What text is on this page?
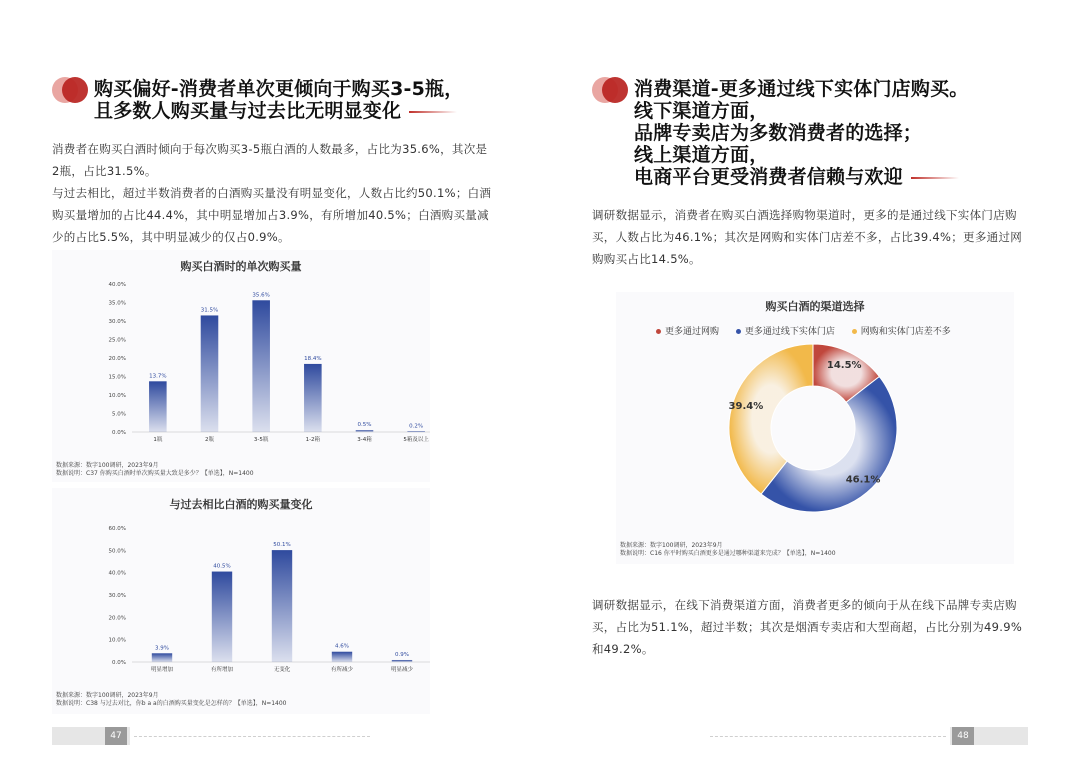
购买偏好-消费者单次更倾向于购买3-5瓶，
且多数人购买量与过去比无明显变化

消费者在购买白酒时倾向于每次购买3-5瓶白酒的人数最多，占比为35.6%，其次是2瓶，占比31.5%。

与过去相比，超过半数消费者的白酒购买量没有明显变化，人数占比约50.1%；白酒购买量增加的占比44.4%，其中明显增加占3.9%，有所增加40.5%；白酒购买量减少的占比5.5%，其中明显减少的仅占0.9%。

购买白酒时的单次购买量
0.0%
5.0%
10.0%
15.0%
20.0%
25.0%
30.0%
35.0%
40.0%
13.7%
1瓶
31.5%
2瓶
35.6%
3-5瓶
18.4%
1-2箱
0.5%
3-4箱
0.2%
5箱及以上
数据来源：数字100调研，2023年9月
数据说明：C37 你购买白酒时单次购买量大致是多少？【单选】，N=1400
与过去相比白酒的购买量变化
0.0%
10.0%
20.0%
30.0%
40.0%
50.0%
60.0%
3.9%
明显增加
40.5%
有所增加
50.1%
无变化
4.6%
有所减少
0.9%
明显减少
数据来源：数字100调研，2023年9月
数据说明：C38 与过去对比，你b a a的白酒购买量变化是怎样的？【单选】，N=1400
47
消费渠道-更多通过线下实体门店购买。
线下渠道方面，
品牌专卖店为多数消费者的选择；
线上渠道方面，
电商平台更受消费者信赖与欢迎
调研数据显示，消费者在购买白酒选择购物渠道时，更多的是通过线下实体门店购买，人数占比为46.1%；其次是网购和实体门店差不多，占比39.4%；更多通过网购购买占比14.5%。
购买白酒的渠道选择
更多通过网购	更多通过线下实体门店	网购和实体门店差不多
14.5%
46.1%
39.4%
数据来源：数字100调研，2023年9月
数据说明：C16 你平时购买白酒更多是通过哪种渠道来完成？【单选】，N=1400
调研数据显示，在线下消费渠道方面，消费者更多的倾向于从在线下品牌专卖店购买，占比为51.1%，超过半数；其次是烟酒专卖店和大型商超，占比分别为49.9%和49.2%。
48
